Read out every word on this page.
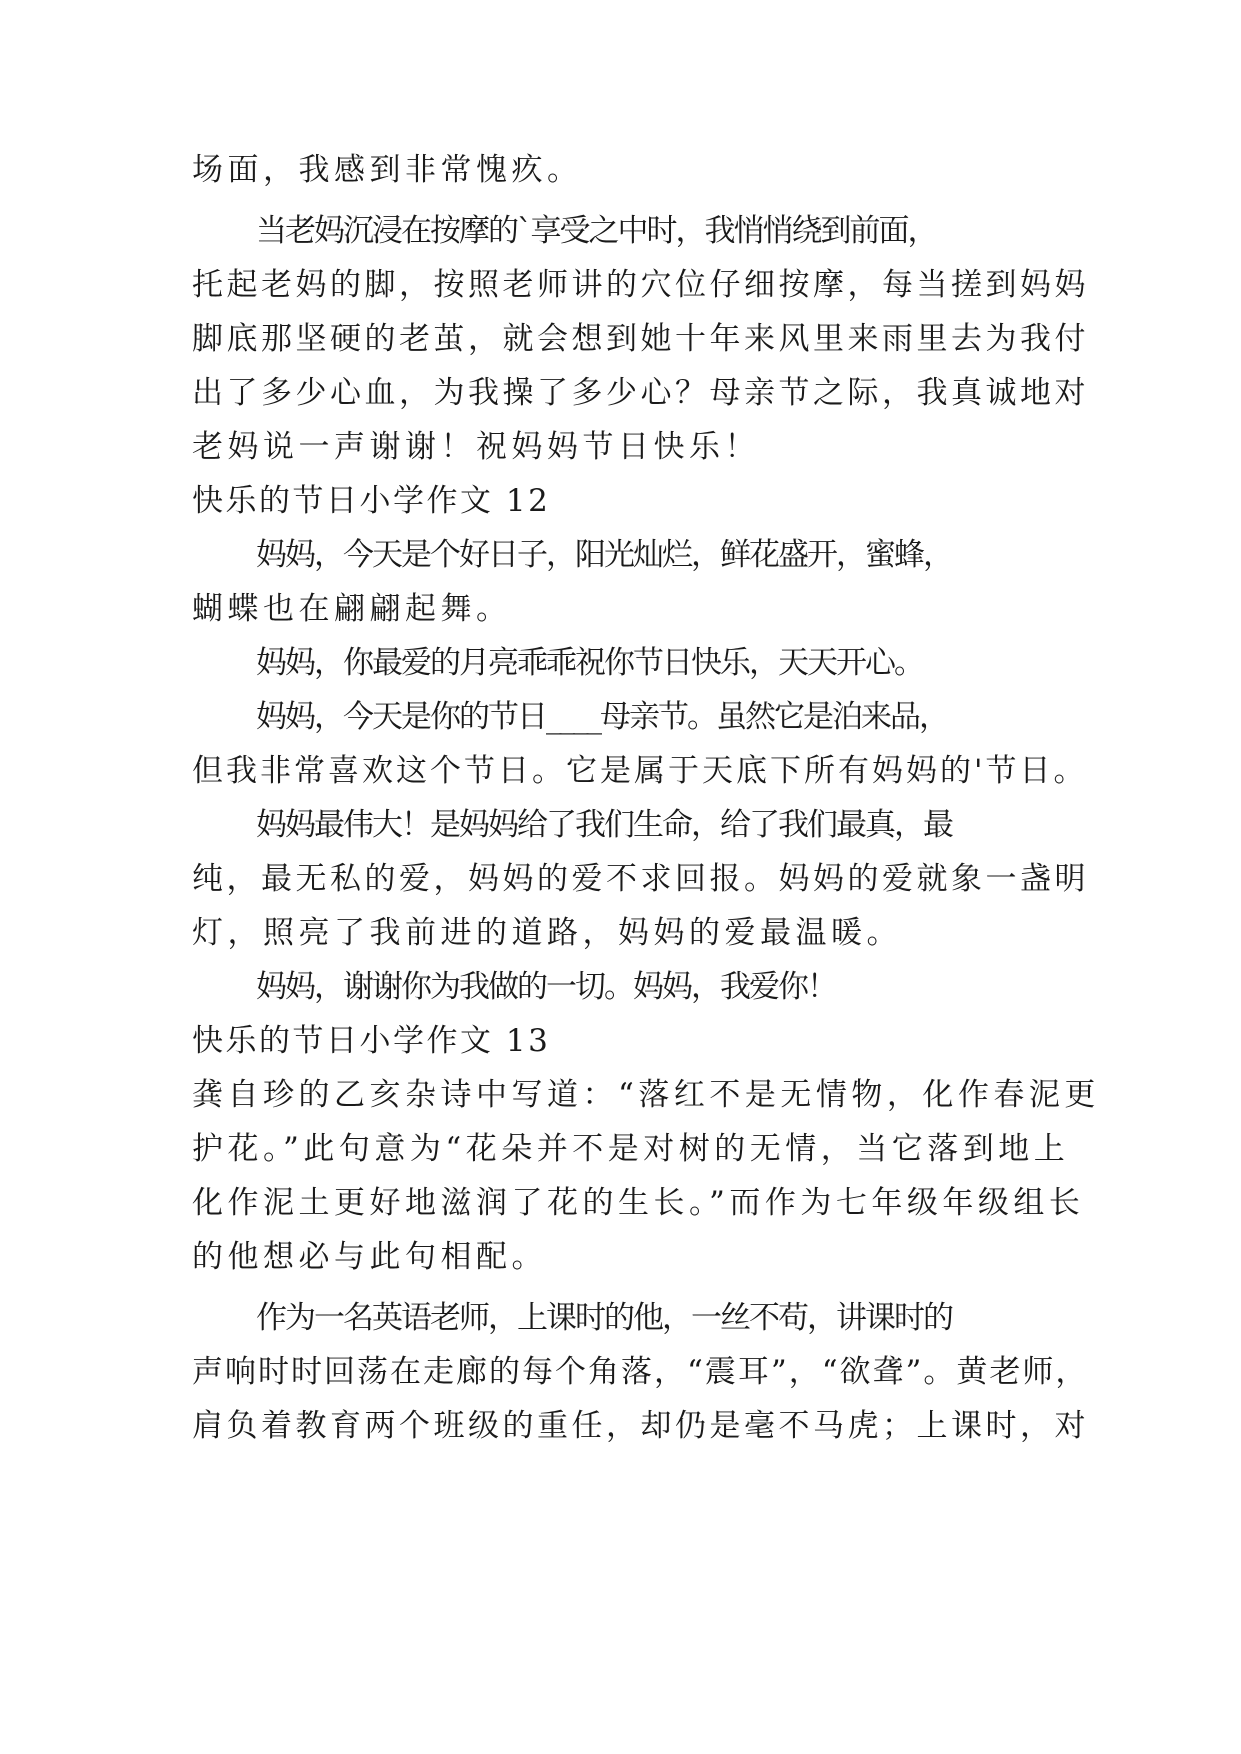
场面，我感到非常愧疚。
当老妈沉浸在按摩的`享受之中时，我悄悄绕到前面，
托起老妈的脚，按照老师讲的穴位仔细按摩，每当搓到妈妈
脚底那坚硬的老茧，就会想到她十年来风里来雨里去为我付
出了多少心血，为我操了多少心？母亲节之际，我真诚地对
老妈说一声谢谢！祝妈妈节日快乐！
快乐的节日小学作文 12
妈妈，今天是个好日子，阳光灿烂，鲜花盛开，蜜蜂，
蝴蝶也在翩翩起舞。
妈妈，你最爱的月亮乖乖祝你节日快乐，天天开心。
妈妈，今天是你的节日____母亲节。虽然它是泊来品，
但我非常喜欢这个节日。它是属于天底下所有妈妈的'节日。
妈妈最伟大！是妈妈给了我们生命，给了我们最真，最
纯，最无私的爱，妈妈的爱不求回报。妈妈的爱就象一盏明
灯，照亮了我前进的道路，妈妈的爱最温暖。
妈妈，谢谢你为我做的一切。妈妈，我爱你！
快乐的节日小学作文 13
龚自珍的乙亥杂诗中写道：“落红不是无情物，化作春泥更
护花。”此句意为“花朵并不是对树的无情，当它落到地上
化作泥土更好地滋润了花的生长。”而作为七年级年级组长
的他想必与此句相配。
作为一名英语老师，上课时的他，一丝不苟，讲课时的
声响时时回荡在走廊的每个角落，“震耳”，“欲聋”。黄老师，
肩负着教育两个班级的重任，却仍是毫不马虎；上课时，对
